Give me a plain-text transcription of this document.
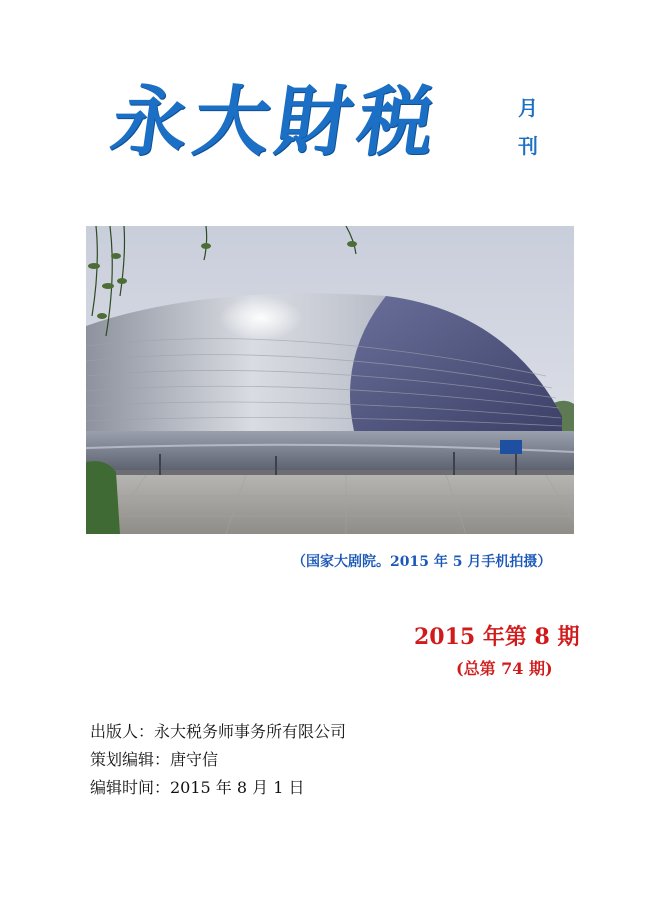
永大財税	月
刊
（国家大剧院。2015 年 5 月手机拍摄）
2015 年第 8 期
(总第 74 期)
出版人：永大税务师事务所有限公司
策划编辑：唐守信
编辑时间：2015 年 8 月 1 日
